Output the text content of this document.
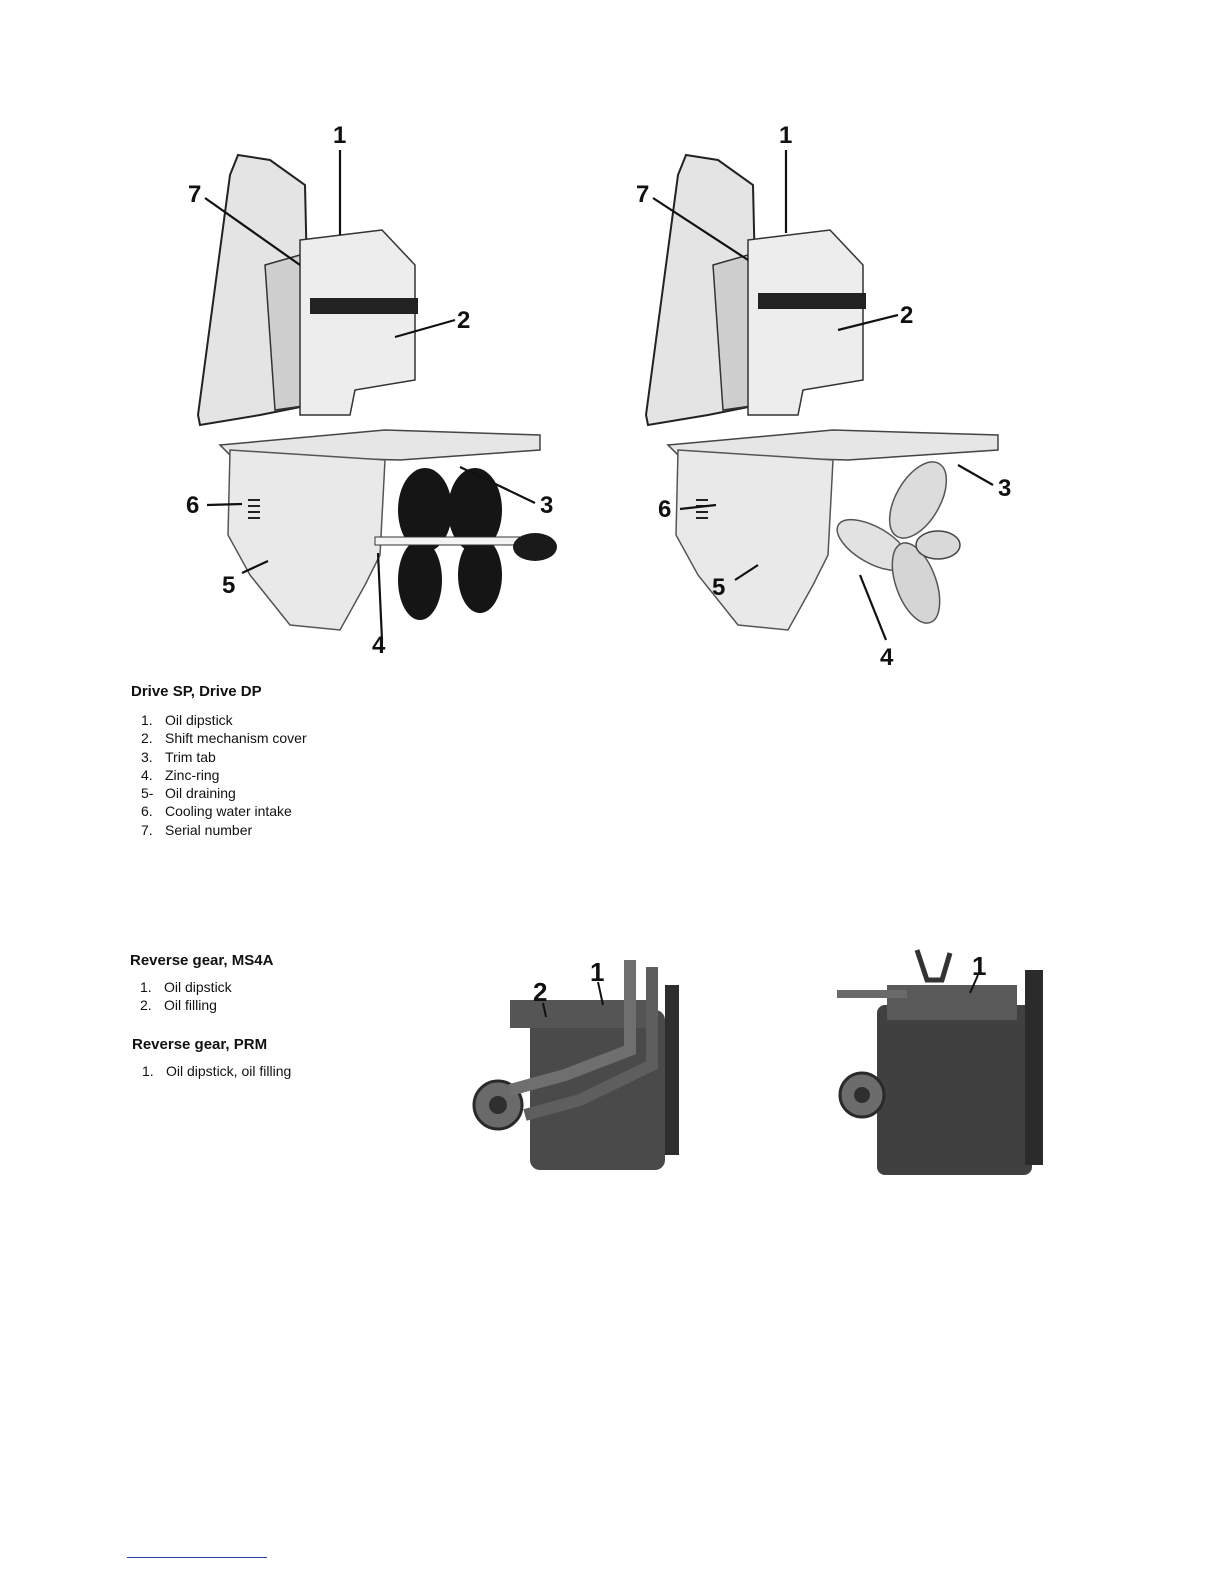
1
2
3
4
5
6
7
1
2
3
4
5
6
7

Drive SP, Drive DP

1. Oil dipstick
2. Shift mechanism cover
3. Trim tab
4. Zinc-ring
5- Oil draining
6. Cooling water intake
7. Serial number

Reverse gear, MS4A

1. Oil dipstick
2. Oil filling

Reverse gear, PRM

1. Oil dipstick, oil filling
1
2
1
